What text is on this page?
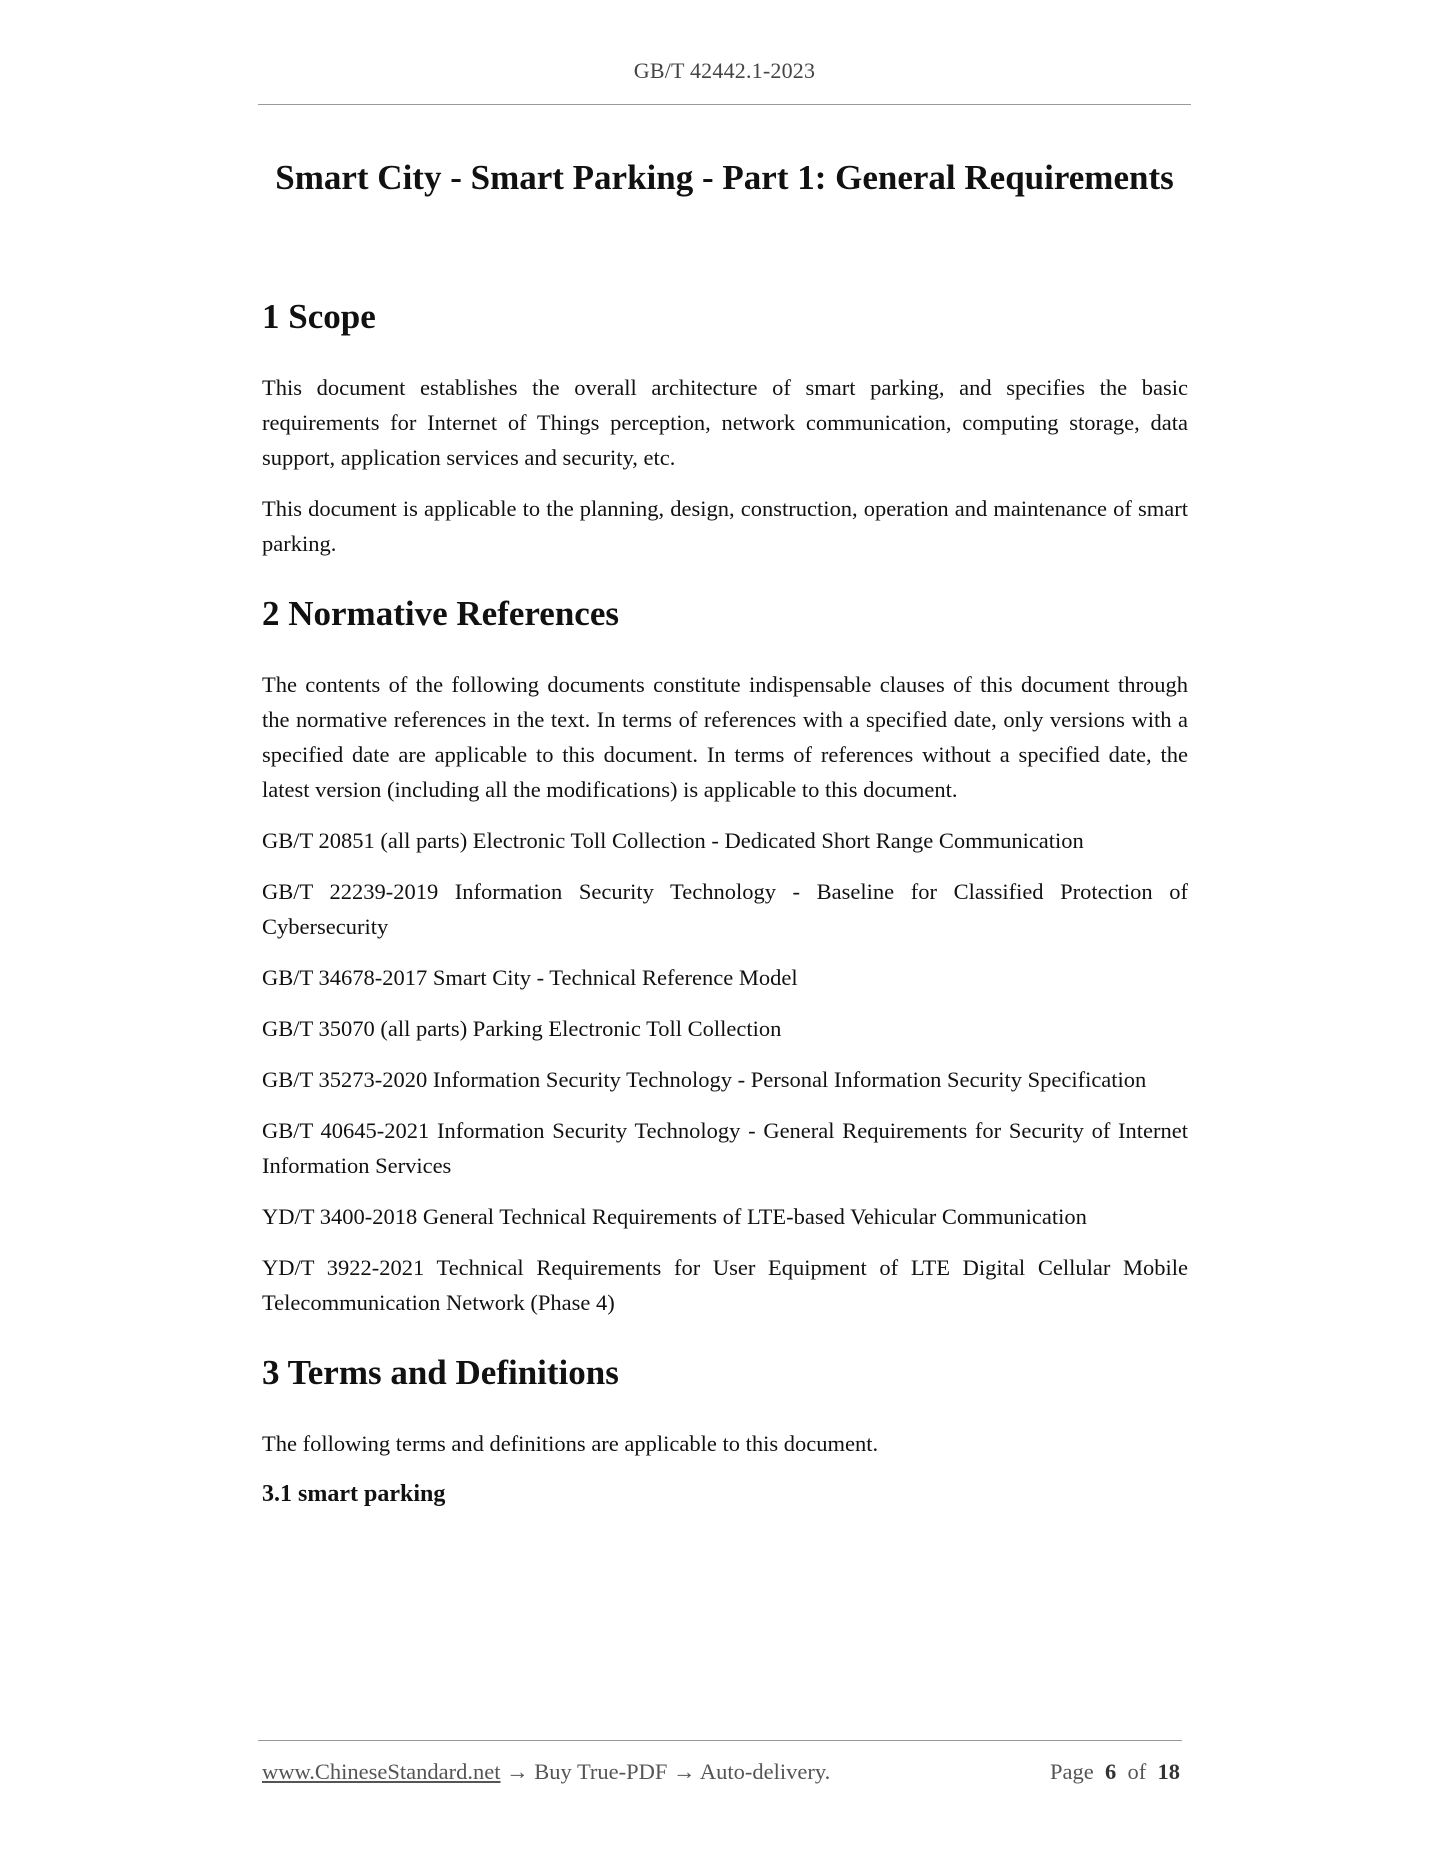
GB/T 42442.1-2023
Smart City - Smart Parking - Part 1: General Requirements
1 Scope

This document establishes the overall architecture of smart parking, and specifies the basic requirements for Internet of Things perception, network communication, computing storage, data support, application services and security, etc.

This document is applicable to the planning, design, construction, operation and maintenance of smart parking.

2 Normative References

The contents of the following documents constitute indispensable clauses of this document through the normative references in the text. In terms of references with a specified date, only versions with a specified date are applicable to this document. In terms of references without a specified date, the latest version (including all the modifications) is applicable to this document.

GB/T 20851 (all parts) Electronic Toll Collection - Dedicated Short Range Communication

GB/T 22239-2019 Information Security Technology - Baseline for Classified Protection of Cybersecurity

GB/T 34678-2017 Smart City - Technical Reference Model

GB/T 35070 (all parts) Parking Electronic Toll Collection

GB/T 35273-2020 Information Security Technology - Personal Information Security Specification

GB/T 40645-2021 Information Security Technology - General Requirements for Security of Internet Information Services

YD/T 3400-2018 General Technical Requirements of LTE-based Vehicular Communication

YD/T 3922-2021 Technical Requirements for User Equipment of LTE Digital Cellular Mobile Telecommunication Network (Phase 4)

3 Terms and Definitions

The following terms and definitions are applicable to this document.

3.1 smart parking
www.ChineseStandard.net → Buy True-PDF → Auto-delivery.	Page 6 of 18
